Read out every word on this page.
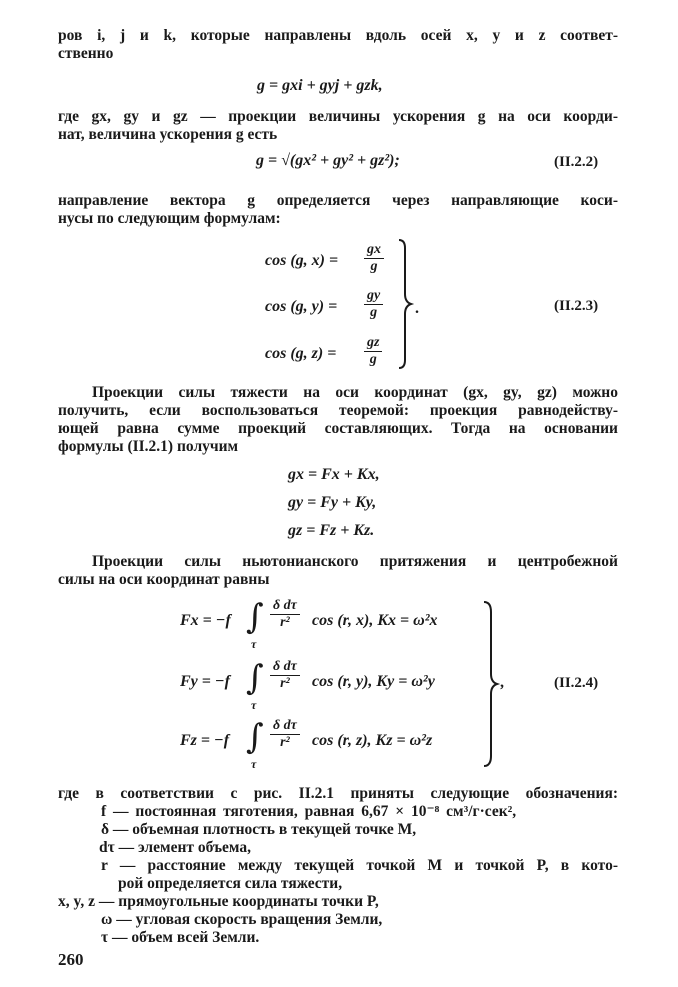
ров i, j и k, которые направлены вдоль осей x, y и z соответ-
ственно
g = gxi + gyj + gzk,
где gx, gy и gz — проекции величины ускорения g на оси коорди-
нат, величина ускорения g есть
g = √(gx² + gy² + gz²);	(II.2.2)
направление вектора g определяется через направляющие коси-
нусы по следующим формулам:
cos (g, $x) = \frac{gx}{g}$
cos (g, $y) = \frac{gy}{g}$
cos (g, $z) = \frac{gz}{g}$
.	(II.2.3)
Проекции силы тяжести на оси координат (gx, gy, gz) можно
получить, если воспользоваться теоремой: проекция равнодейству-
ющей равна сумме проекций составляющих. Тогда на основании
формулы (II.2.1) получим
gx = Fx + Kx,
gy = Fy + Ky,
gz = Fz + Kz.
Проекции силы ньютонианского притяжения и центробежной
силы на оси координат равны
Fx = −f ∫
τ
$\frac{\text{δ dτ}}{\text{r²}}$ cos (r, x), Kx = ω²x
Fy = −f ∫
τ
$\frac{\text{δ dτ}}{\text{r²}}$ cos (r, y), Ky = ω²y
Fz = −f ∫
τ
$\frac{\text{δ dτ}}{\text{r²}}$ cos (r, z), Kz = ω²z
,	(II.2.4)
где в соответствии с рис. II.2.1 приняты следующие обозначения:
f — постоянная тяготения, равная 6,67 × 10⁻⁸ см³/г·сек²,
δ — объемная плотность в текущей точке M,
dτ — элемент объема,
r — расстояние между текущей точкой M и точкой P, в кото-
рой определяется сила тяжести,
x, y, z — прямоугольные координаты точки P,
ω — угловая скорость вращения Земли,
τ — объем всей Земли.
260
